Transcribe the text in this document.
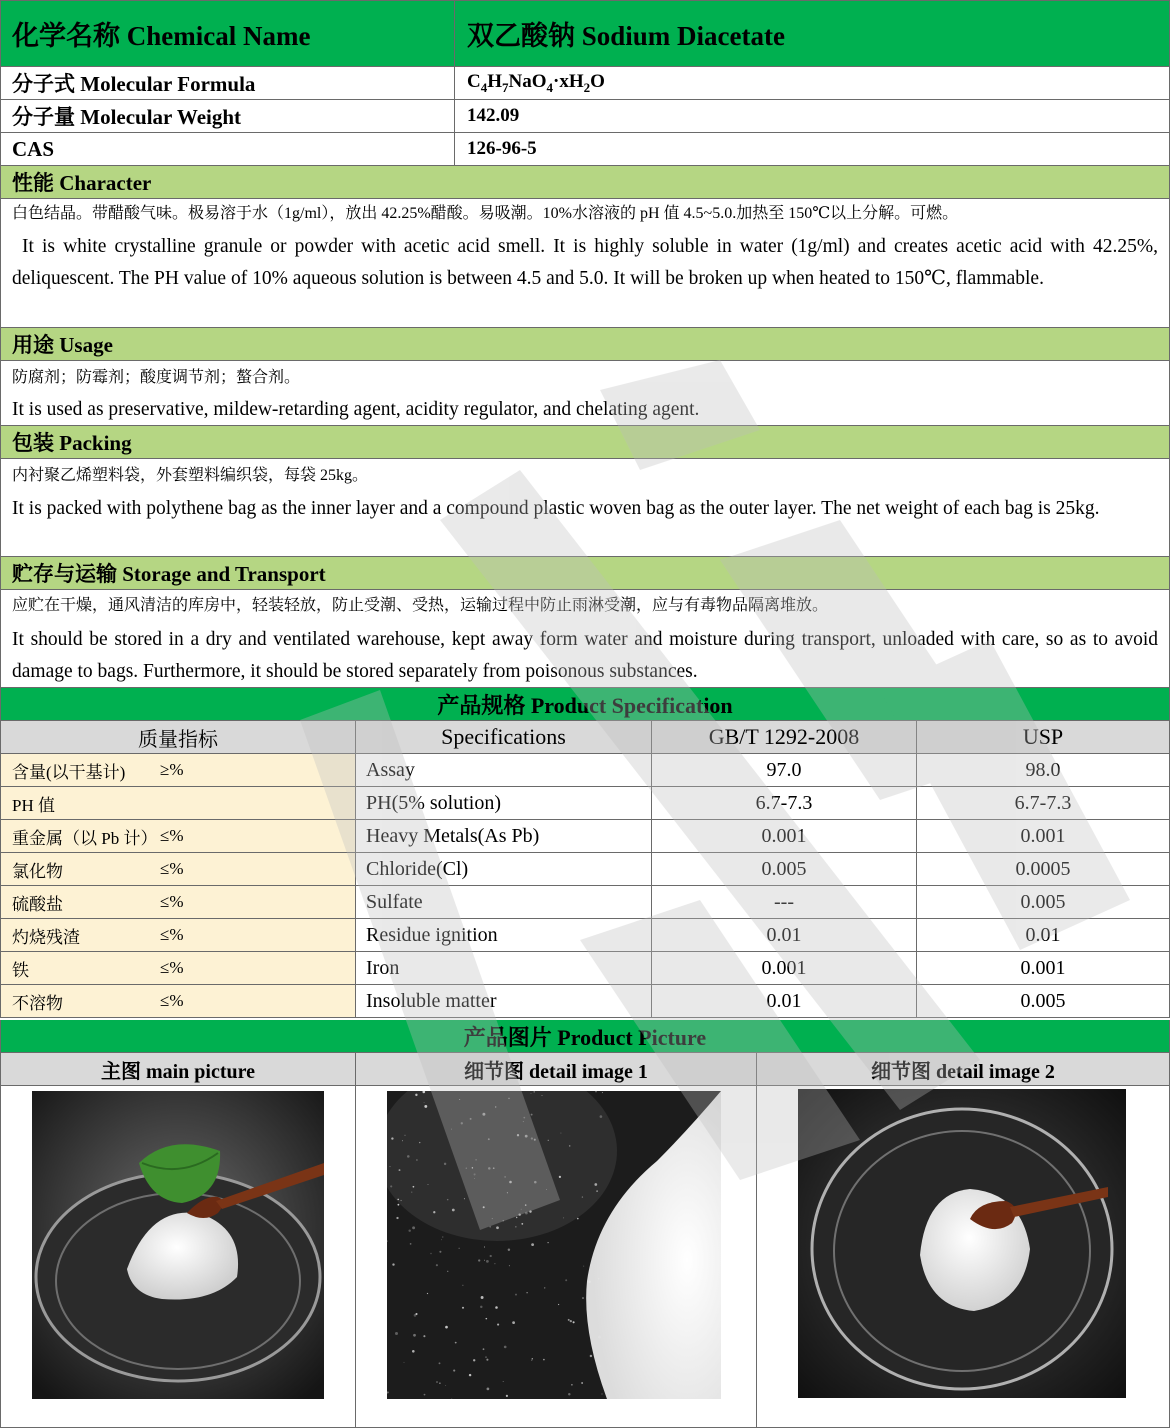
化学名称 Chemical Name	双乙酸钠 Sodium Diacetate
分子式 Molecular Formula	$C_4H_7NaO_4\cdot xH_2O$
分子量 Molecular Weight	142.09
CAS	126-96-5
性能 Character
白色结晶。带醋酸气味。极易溶于水（1g/ml），放出 42.25%醋酸。易吸潮。10%水溶液的 pH 值 4.5~5.0.加热至 150℃以上分解。可燃。
It is white crystalline granule or powder with acetic acid smell. It is highly soluble in water (1g/ml) and creates acetic acid with 42.25%, deliquescent. The PH value of 10% aqueous solution is between 4.5 and 5.0. It will be broken up when heated to 150℃, flammable.
用途 Usage
防腐剂；防霉剂；酸度调节剂；螯合剂。
It is used as preservative, mildew-retarding agent, acidity regulator, and chelating agent.
包装 Packing
内衬聚乙烯塑料袋，外套塑料编织袋，每袋 25kg。
It is packed with polythene bag as the inner layer and a compound plastic woven bag as the outer layer. The net weight of each bag is 25kg.
贮存与运输 Storage and Transport
应贮在干燥，通风清洁的库房中，轻装轻放，防止受潮、受热，运输过程中防止雨淋受潮，应与有毒物品隔离堆放。
It should be stored in a dry and ventilated warehouse, kept away form water and moisture during transport, unloaded with care, so as to avoid damage to bags. Furthermore, it should be stored separately from poisonous substances.
产品规格 Product Specification
质量指标	Specifications	GB/T 1292-2008	USP
含量(以干基计)	≥%	Assay	97.0	98.0
PH 值	PH(5% solution)	6.7-7.3	6.7-7.3
重金属（以 Pb 计） ≤%	Heavy Metals(As Pb)	0.001	0.001
氯化物	≤%	Chloride(Cl)	0.005	0.0005
硫酸盐	≤%	Sulfate	---	0.005
灼烧残渣	≤%	Residue ignition	0.01	0.01
铁	≤%	Iron	0.001	0.001
不溶物	≤%	Insoluble matter	0.01	0.005
产品图片 Product Picture
主图 main picture	细节图 detail image 1	细节图 detail image 2
